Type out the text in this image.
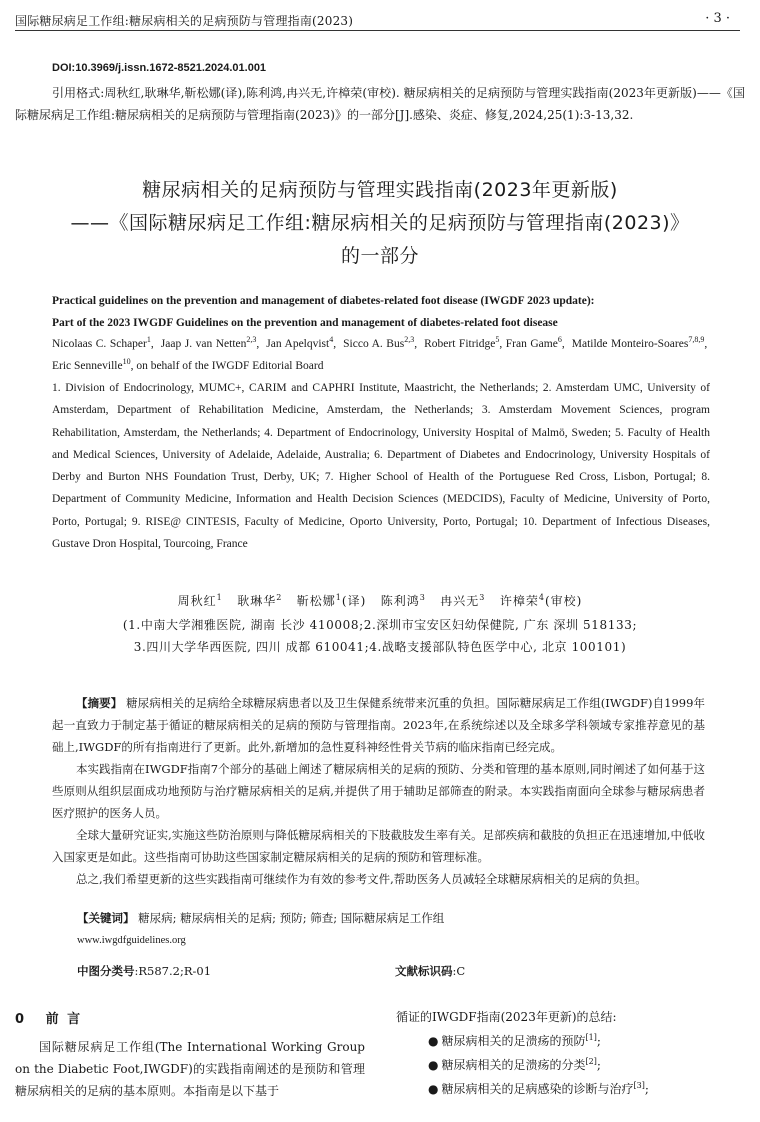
国际糖尿病足工作组:糖尿病相关的足病预防与管理指南(2023)	· 3 ·
DOI:10.3969/j.issn.1672-8521.2024.01.001
引用格式:周秋红,耿琳华,靳松娜(译),陈利鸿,冉兴无,许樟荣(审校). 糖尿病相关的足病预防与管理实践指南(2023年更新版)——《国际糖尿病足工作组:糖尿病相关的足病预防与管理指南(2023)》的一部分[J].感染、炎症、修复,2024,25(1):3-13,32.
糖尿病相关的足病预防与管理实践指南(2023年更新版)
——《国际糖尿病足工作组:糖尿病相关的足病预防与管理指南(2023)》
的一部分
Practical guidelines on the prevention and management of diabetes-related foot disease (IWGDF 2023 update):
Part of the 2023 IWGDF Guidelines on the prevention and management of diabetes-related foot disease
Nicolaas C. Schaper$^1$,  Jaap J. van Netten$^{2,3}$,  Jan Apelqvist$^4$,  Sicco A. Bus$^{2,3}$,  Robert Fitridge$^5$, Fran Game$^6$,  Matilde Monteiro-Soares$^{7,8,9}$,  Eric Senneville$^{10}$, on behalf of the IWGDF Editorial Board
1. Division of Endocrinology, MUMC+, CARIM and CAPHRI Institute, Maastricht, the Netherlands; 2. Amsterdam UMC, University of Amsterdam, Department of Rehabilitation Medicine, Amsterdam, the Netherlands; 3. Amsterdam Movement Sciences, program Rehabilitation, Amsterdam, the Netherlands; 4. Department of Endocrinology, University Hospital of Malmö, Sweden; 5. Faculty of Health and Medical Sciences, University of Adelaide, Adelaide, Australia; 6. Department of Diabetes and Endocrinology, University Hospitals of Derby and Burton NHS Foundation Trust, Derby, UK; 7. Higher School of Health of the Portuguese Red Cross, Lisbon, Portugal; 8. Department of Community Medicine, Information and Health Decision Sciences (MEDCIDS), Faculty of Medicine, University of Porto, Porto, Portugal; 9. RISE@ CINTESIS, Faculty of Medicine, Oporto University, Porto, Portugal; 10. Department of Infectious Diseases, Gustave Dron Hospital, Tourcoing, France
周秋红$^1$ 耿琳华$^2$ 靳松娜$^1$(译) 陈利鸿$^3$ 冉兴无$^3$ 许樟荣$^4$(审校)
(1.中南大学湘雅医院, 湖南 长沙 410008;2.深圳市宝安区妇幼保健院, 广东 深圳 518133;
3.四川大学华西医院, 四川 成都 610041;4.战略支援部队特色医学中心, 北京 100101)

【摘要】 糖尿病相关的足病给全球糖尿病患者以及卫生保健系统带来沉重的负担。国际糖尿病足工作组(IWGDF)自1999年起一直致力于制定基于循证的糖尿病相关的足病的预防与管理指南。2023年,在系统综述以及全球多学科领域专家推荐意见的基础上,IWGDF的所有指南进行了更新。此外,新增加的急性夏科神经性骨关节病的临床指南已经完成。

本实践指南在IWGDF指南7个部分的基础上阐述了糖尿病相关的足病的预防、分类和管理的基本原则,同时阐述了如何基于这些原则从组织层面成功地预防与治疗糖尿病相关的足病,并提供了用于辅助足部筛查的附录。本实践指南面向全球参与糖尿病患者医疗照护的医务人员。

全球大量研究证实,实施这些防治原则与降低糖尿病相关的下肢截肢发生率有关。足部疾病和截肢的负担正在迅速增加,中低收入国家更是如此。这些指南可协助这些国家制定糖尿病相关的足病的预防和管理标准。

总之,我们希望更新的这些实践指南可继续作为有效的参考文件,帮助医务人员减轻全球糖尿病相关的足病的负担。

【关键词】 糖尿病; 糖尿病相关的足病; 预防; 筛查; 国际糖尿病足工作组
www.iwgdfguidelines.org
中图分类号:R587.2;R-01	文献标识码:C
0 前 言

国际糖尿病足工作组(The International Working Group on the Diabetic Foot,IWGDF)的实践指南阐述的是预防和管理糖尿病相关的足病的基本原则。本指南是以下基于

循证的IWGDF指南(2023年更新)的总结:
● 糖尿病相关的足溃疡的预防[1];
● 糖尿病相关的足溃疡的分类[2];
● 糖尿病相关的足病感染的诊断与治疗[3];
